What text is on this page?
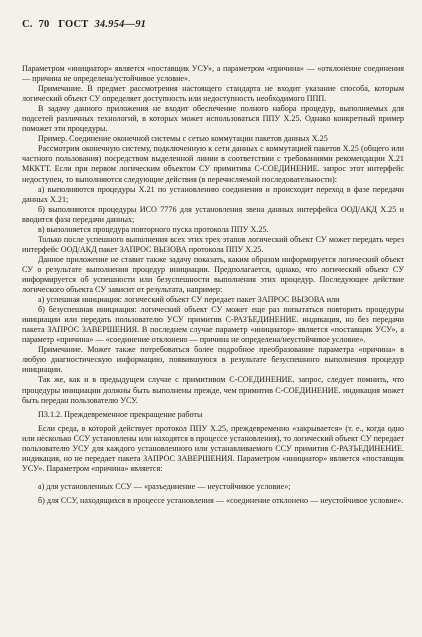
С. 70 ГОСТ 34.954—91

Параметром «инициатор» является «поставщик УСУ», а параметром «причина» — «отклонение соединения — причина не определена/устойчивое условие».

Примечание. В предмет рассмотрения настоящего стандарта не входит указание способа, которым логический объект СУ определяет доступность или недоступность необходимого ППП.

В задачу данного приложения не входит обеспечение полного набора процедур, выполняемых для подсетей различных технологий, в которых может использоваться ППУ Х.25. Однако конкретный пример поможет эти процедуры.

Пример. Соединение оконечной системы с сетью коммутации пакетов данных Х.25

Рассмотрим оконечную систему, подключенную к сети данных с коммутацией пакетов Х.25 (общего или частного пользования) посредством выделенной линии в соответствии с требованиями рекомендации Х.21 МККТТ. Если при первом логическим объектом СУ примитива С-СОЕДИНЕНИЕ. запрос этот интерфейс недоступен, то выполняются следующие действия (в перечисляемой последовательности):

а) выполняются процедуры Х.21 по установлению соединения и происходит переход в фазе передачи данных Х.21;

б) выполняются процедуры ИСО 7776 для установления звена данных интерфейса ООД/АКД Х.25 и вводится фаза передачи данных;

в) выполняется процедура повторного пуска протокола ППУ Х.25.

Только после успешного выполнения всех этих трех этапов логический объект СУ может передать через интерфейс ООД/АКД пакет ЗАПРОС ВЫЗОВА протокола ППУ Х.25.

Данное приложение не ставит также задачу показать, каким образом информируется логический объект СУ о результате выполнения процедур инициации. Предполагается, однако, что логический объект СУ информируется об успешности или безуспешности выполнения этих процедур. Последующее действие логического объекта СУ зависит от результата, например:

а) успешная инициация: логический объект СУ передает пакет ЗАПРОС ВЫЗОВА или

б) безуспешная инициация: логический объект СУ может еще раз попытаться повторить процедуры инициации или передать пользователю УСУ примитив С-РАЗЪЕДИНЕНИЕ. индикация, но без передачи пакета ЗАПРОС ЗАВЕРШЕНИЯ. В последнем случае параметр «инициатор» является «поставщик УСУ», а параметр «причина» — «соединение отклонено — причина не определена/неустойчивое условие».

Примечание. Может также потребоваться более подробное преобразование параметра «причина» в любую диагностическую информацию, появившуюся в результате безуспешного выполнения процедур инициации.

Так же, как и в предыдущем случае с примитивом С-СОЕДИНЕНИЕ. запрос, следует помнить, что процедуры инициации должны быть выполнены прежде, чем примитив С-СОЕДИНЕНИЕ. индикация может быть передан пользователю УСУ.

П3.1.2. Преждевременное прекращение работы

Если среда, в которой действует протокол ППУ Х.25, преждевременно «закрывается» (т. е., когда одно или несколько ССУ установлены или находятся в процессе установления), то логический объект СУ передает пользователю УСУ для каждого установленного или устанавливаемого ССУ примитив С-РАЗЪЕДИНЕНИЕ. индикация, но не передает пакета ЗАПРОС ЗАВЕРШЕНИЯ. Параметром «инициатор» является «поставщик УСУ». Параметром «причина» является:

а) для установленных ССУ — «разъединение — неустойчивое условие»;

б) для ССУ, находящихся в процессе установления — «соединение отклонено — неустойчивое условие».
